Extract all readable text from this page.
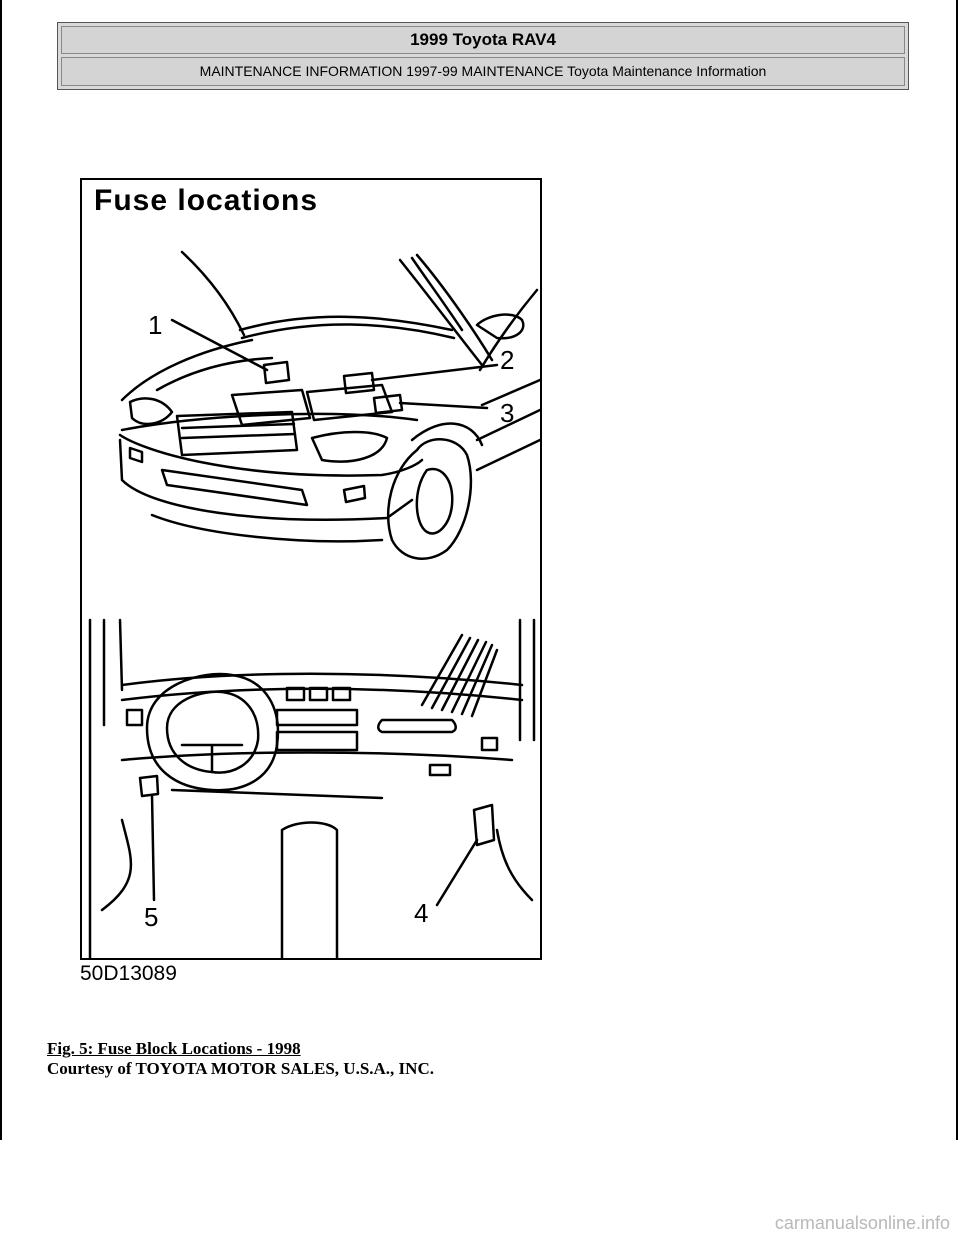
1999 Toyota RAV4
MAINTENANCE INFORMATION 1997-99 MAINTENANCE Toyota Maintenance Information
Fuse locations
1
2
3
4
5
50D13089
Fig. 5: Fuse Block Locations - 1998
Courtesy of TOYOTA MOTOR SALES, U.S.A., INC.
carmanualsonline.info
